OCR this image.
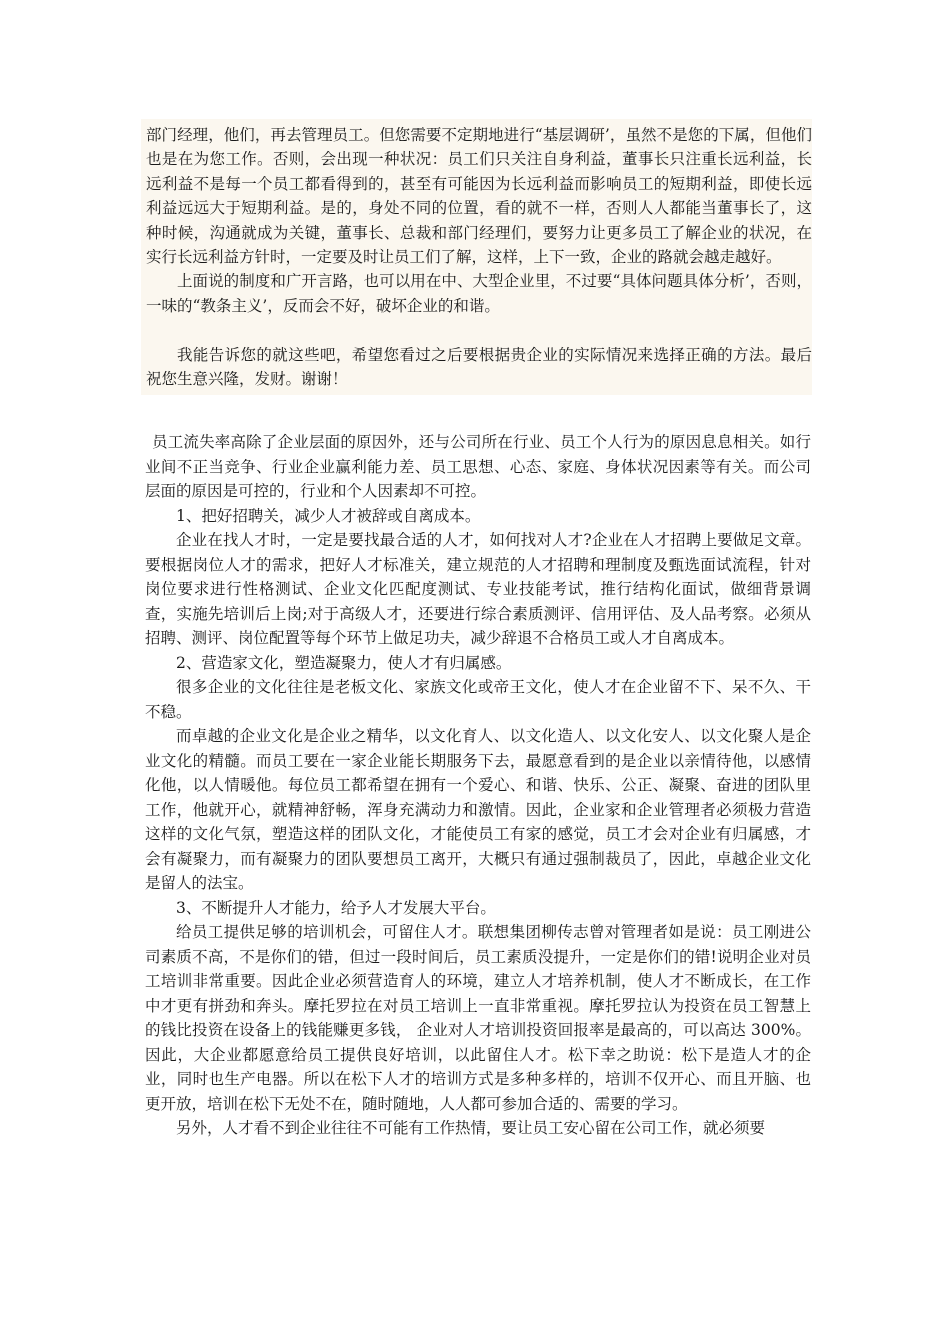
部门经理，他们，再去管理员工。但您需要不定期地进行“基层调研’，虽然不是您的下属，但他们也是在为您工作。否则，会出现一种状况：员工们只关注自身利益，董事长只注重长远利益，长远利益不是每一个员工都看得到的，甚至有可能因为长远利益而影响员工的短期利益，即使长远利益远远大于短期利益。是的，身处不同的位置，看的就不一样，否则人人都能当董事长了，这种时候，沟通就成为关键，董事长、总裁和部门经理们，要努力让更多员工了解企业的状况，在实行长远利益方针时，一定要及时让员工们了解，这样，上下一致，企业的路就会越走越好。

上面说的制度和广开言路，也可以用在中、大型企业里，不过要“具体问题具体分析’，否则，一味的“教条主义’，反而会不好，破坏企业的和谐。

我能告诉您的就这些吧，希望您看过之后要根据贵企业的实际情况来选择正确的方法。最后祝您生意兴隆，发财。谢谢！

员工流失率高除了企业层面的原因外，还与公司所在行业、员工个人行为的原因息息相关。如行业间不正当竞争、行业企业赢利能力差、员工思想、心态、家庭、身体状况因素等有关。而公司层面的原因是可控的，行业和个人因素却不可控。

1、把好招聘关，减少人才被辞或自离成本。

企业在找人才时，一定是要找最合适的人才，如何找对人才?企业在人才招聘上要做足文章。要根据岗位人才的需求，把好人才标准关，建立规范的人才招聘和理制度及甄选面试流程，针对岗位要求进行性格测试、企业文化匹配度测试、专业技能考试，推行结构化面试，做细背景调查，实施先培训后上岗;对于高级人才，还要进行综合素质测评、信用评估、及人品考察。必须从招聘、测评、岗位配置等每个环节上做足功夫，减少辞退不合格员工或人才自离成本。

2、营造家文化，塑造凝聚力，使人才有归属感。

很多企业的文化往往是老板文化、家族文化或帝王文化，使人才在企业留不下、呆不久、干不稳。

而卓越的企业文化是企业之精华，以文化育人、以文化造人、以文化安人、以文化聚人是企业文化的精髓。而员工要在一家企业能长期服务下去，最愿意看到的是企业以亲情待他，以感情化他，以人情暖他。每位员工都希望在拥有一个爱心、和谐、快乐、公正、凝聚、奋进的团队里工作，他就开心，就精神舒畅，浑身充满动力和激情。因此，企业家和企业管理者必须极力营造这样的文化气氛，塑造这样的团队文化，才能使员工有家的感觉，员工才会对企业有归属感，才会有凝聚力，而有凝聚力的团队要想员工离开，大概只有通过强制裁员了，因此，卓越企业文化是留人的法宝。

3、不断提升人才能力，给予人才发展大平台。

给员工提供足够的培训机会，可留住人才。联想集团柳传志曾对管理者如是说：员工刚进公司素质不高，不是你们的错，但过一段时间后，员工素质没提升，一定是你们的错!说明企业对员工培训非常重要。因此企业必须营造育人的环境，建立人才培养机制，使人才不断成长，在工作中才更有拼劲和奔头。摩托罗拉在对员工培训上一直非常重视。摩托罗拉认为投资在员工智慧上的钱比投资在设备上的钱能赚更多钱， 企业对人才培训投资回报率是最高的，可以高达 300%。因此，大企业都愿意给员工提供良好培训，以此留住人才。松下幸之助说：松下是造人才的企业，同时也生产电器。所以在松下人才的培训方式是多种多样的，培训不仅开心、而且开脑、也更开放，培训在松下无处不在，随时随地，人人都可参加合适的、需要的学习。

另外，人才看不到企业往往不可能有工作热情，要让员工安心留在公司工作，就必须要
